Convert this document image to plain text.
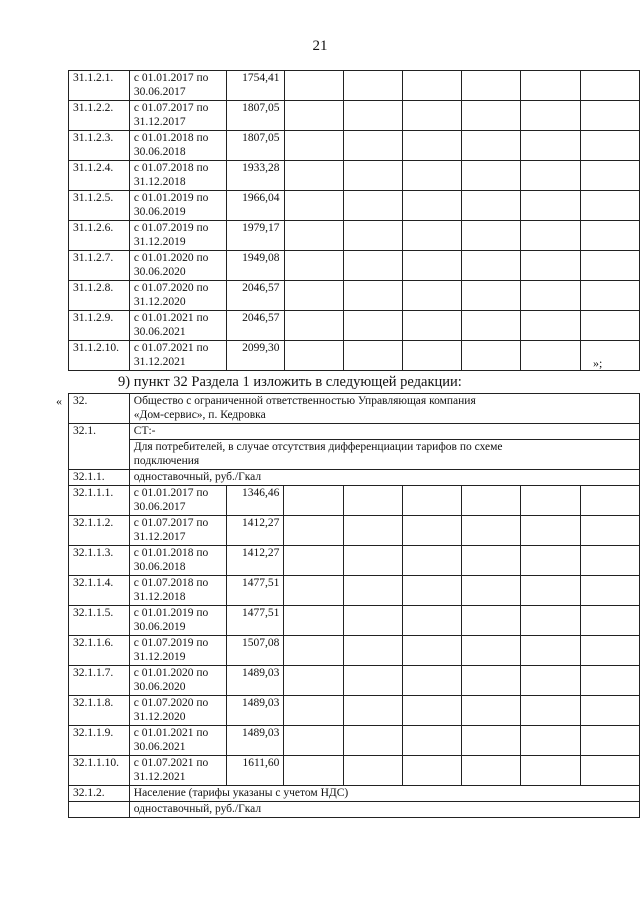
21
31.1.2.1.	с 01.01.2017 по
30.06.2017	1754,41						
31.1.2.2.	с 01.07.2017 по
31.12.2017	1807,05						
31.1.2.3.	с 01.01.2018 по
30.06.2018	1807,05						
31.1.2.4.	с 01.07.2018 по
31.12.2018	1933,28						
31.1.2.5.	с 01.01.2019 по
30.06.2019	1966,04						
31.1.2.6.	с 01.07.2019 по
31.12.2019	1979,17						
31.1.2.7.	с 01.01.2020 по
30.06.2020	1949,08						
31.1.2.8.	с 01.07.2020 по
31.12.2020	2046,57						
31.1.2.9.	с 01.01.2021 по
30.06.2021	2046,57						
31.1.2.10.	с 01.07.2021 по
31.12.2021	2099,30						
»;
9) пункт 32 Раздела 1 изложить в следующей редакции:
« 32.	Общество с ограниченной ответственностью Управляющая компания
«Дом-сервис», п. Кедровка							

32.1.	СТ:-							

	Для потребителей, в случае отсутствия дифференциации тарифов по схеме
подключения							

32.1.1.	одноставочный, руб./Гкал							
32.1.1.1.	с 01.01.2017 по
30.06.2017	1346,46						
32.1.1.2.	с 01.07.2017 по
31.12.2017	1412,27						
32.1.1.3.	с 01.01.2018 по
30.06.2018	1412,27						
32.1.1.4.	с 01.07.2018 по
31.12.2018	1477,51						
32.1.1.5.	с 01.01.2019 по
30.06.2019	1477,51						
32.1.1.6.	с 01.07.2019 по
31.12.2019	1507,08						
32.1.1.7.	с 01.01.2020 по
30.06.2020	1489,03						
32.1.1.8.	с 01.07.2020 по
31.12.2020	1489,03						
32.1.1.9.	с 01.01.2021 по
30.06.2021	1489,03						
32.1.1.10.	с 01.07.2021 по
31.12.2021	1611,60						
32.1.2.	Население (тарифы указаны с учетом НДС)							
	одноставочный, руб./Гкал							
